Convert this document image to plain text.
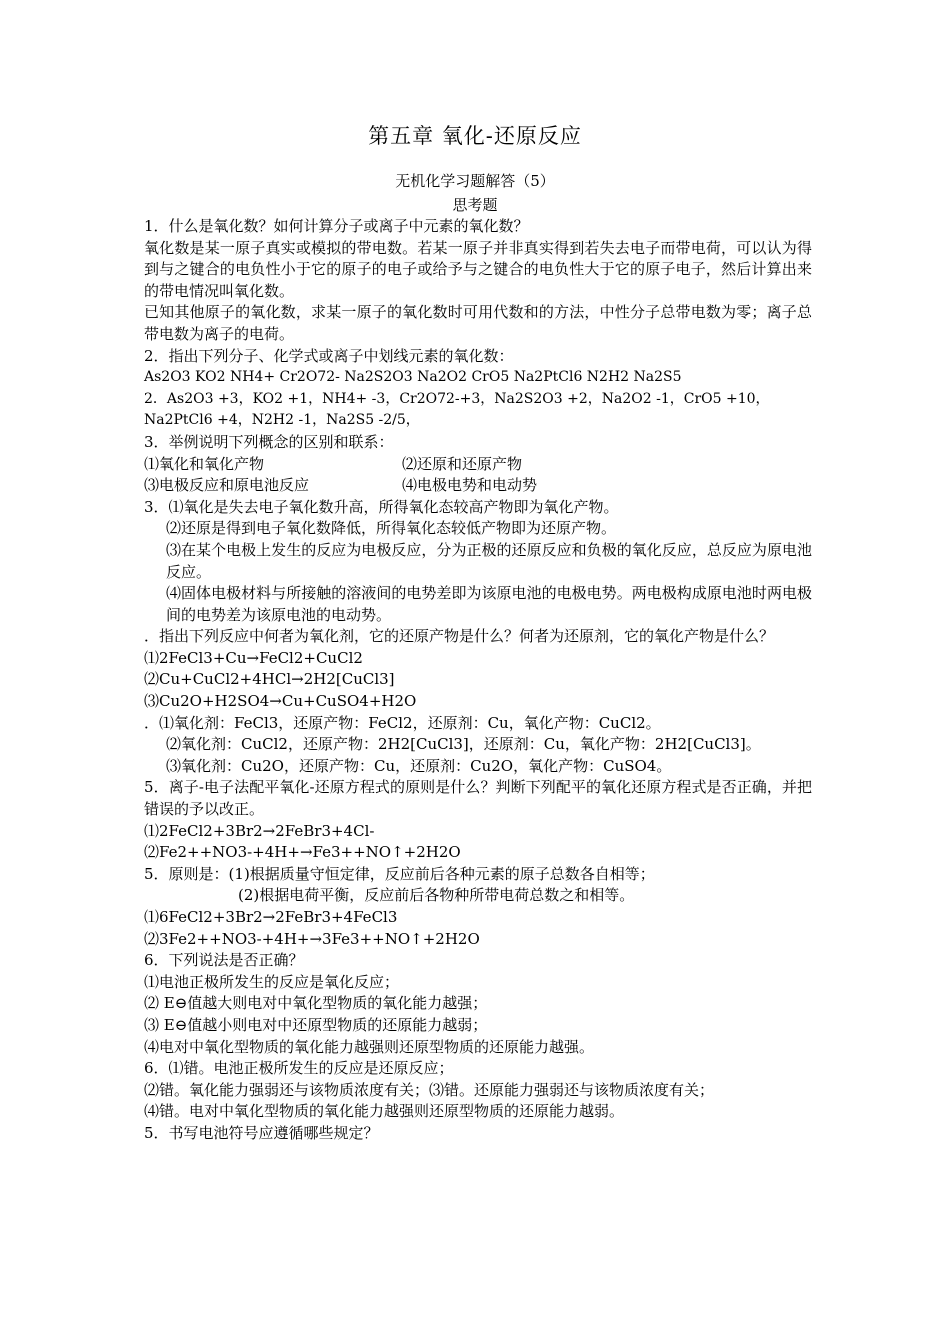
第五章 氧化-还原反应
无机化学习题解答（5）
思考题
1．什么是氧化数？如何计算分子或离子中元素的氧化数？
氧化数是某一原子真实或模拟的带电数。若某一原子并非真实得到若失去电子而带电荷，可以认为得到与之键合的电负性小于它的原子的电子或给予与之键合的电负性大于它的原子电子，然后计算出来的带电情况叫氧化数。
已知其他原子的氧化数，求某一原子的氧化数时可用代数和的方法，中性分子总带电数为零；离子总带电数为离子的电荷。
2．指出下列分子、化学式或离子中划线元素的氧化数：
As2O3 KO2 NH4+ Cr2O72- Na2S2O3 Na2O2 CrO5 Na2PtCl6 N2H2 Na2S5
2．As2O3 +3，KO2 +1，NH4+ -3，Cr2O72-+3，Na2S2O3 +2，Na2O2 -1，CrO5 +10，
Na2PtCl6 +4，N2H2 -1，Na2S5 -2/5，
3．举例说明下列概念的区别和联系：
⑴氧化和氧化产物	⑵还原和还原产物
⑶电极反应和原电池反应	⑷电极电势和电动势
3．⑴氧化是失去电子氧化数升高，所得氧化态较高产物即为氧化产物。
⑵还原是得到电子氧化数降低，所得氧化态较低产物即为还原产物。
⑶在某个电极上发生的反应为电极反应，分为正极的还原反应和负极的氧化反应，总反应为原电池反应。
⑷固体电极材料与所接触的溶液间的电势差即为该原电池的电极电势。两电极构成原电池时两电极间的电势差为该原电池的电动势。
．指出下列反应中何者为氧化剂，它的还原产物是什么？何者为还原剂，它的氧化产物是什么？
⑴2FeCl3+Cu→FeCl2+CuCl2
⑵Cu+CuCl2+4HCl→2H2[CuCl3]
⑶Cu2O+H2SO4→Cu+CuSO4+H2O
．⑴氧化剂：FeCl3，还原产物：FeCl2，还原剂：Cu，氧化产物：CuCl2。
⑵氧化剂：CuCl2，还原产物：2H2[CuCl3]，还原剂：Cu，氧化产物：2H2[CuCl3]。
⑶氧化剂：Cu2O，还原产物：Cu，还原剂：Cu2O，氧化产物：CuSO4。
5．离子-电子法配平氧化-还原方程式的原则是什么？判断下列配平的氧化还原方程式是否正确，并把错误的予以改正。
⑴2FeCl2+3Br2→2FeBr3+4Cl-
⑵Fe2++NO3-+4H+→Fe3++NO↑+2H2O
5．原则是：(1)根据质量守恒定律，反应前后各种元素的原子总数各自相等；
(2)根据电荷平衡，反应前后各物种所带电荷总数之和相等。
⑴6FeCl2+3Br2→2FeBr3+4FeCl3
⑵3Fe2++NO3-+4H+→3Fe3++NO↑+2H2O
6．下列说法是否正确？
⑴电池正极所发生的反应是氧化反应；
⑵ E⊖值越大则电对中氧化型物质的氧化能力越强；
⑶ E⊖值越小则电对中还原型物质的还原能力越弱；
⑷电对中氧化型物质的氧化能力越强则还原型物质的还原能力越强。
6．⑴错。电池正极所发生的反应是还原反应；
⑵错。氧化能力强弱还与该物质浓度有关；⑶错。还原能力强弱还与该物质浓度有关；
⑷错。电对中氧化型物质的氧化能力越强则还原型物质的还原能力越弱。
5．书写电池符号应遵循哪些规定？
